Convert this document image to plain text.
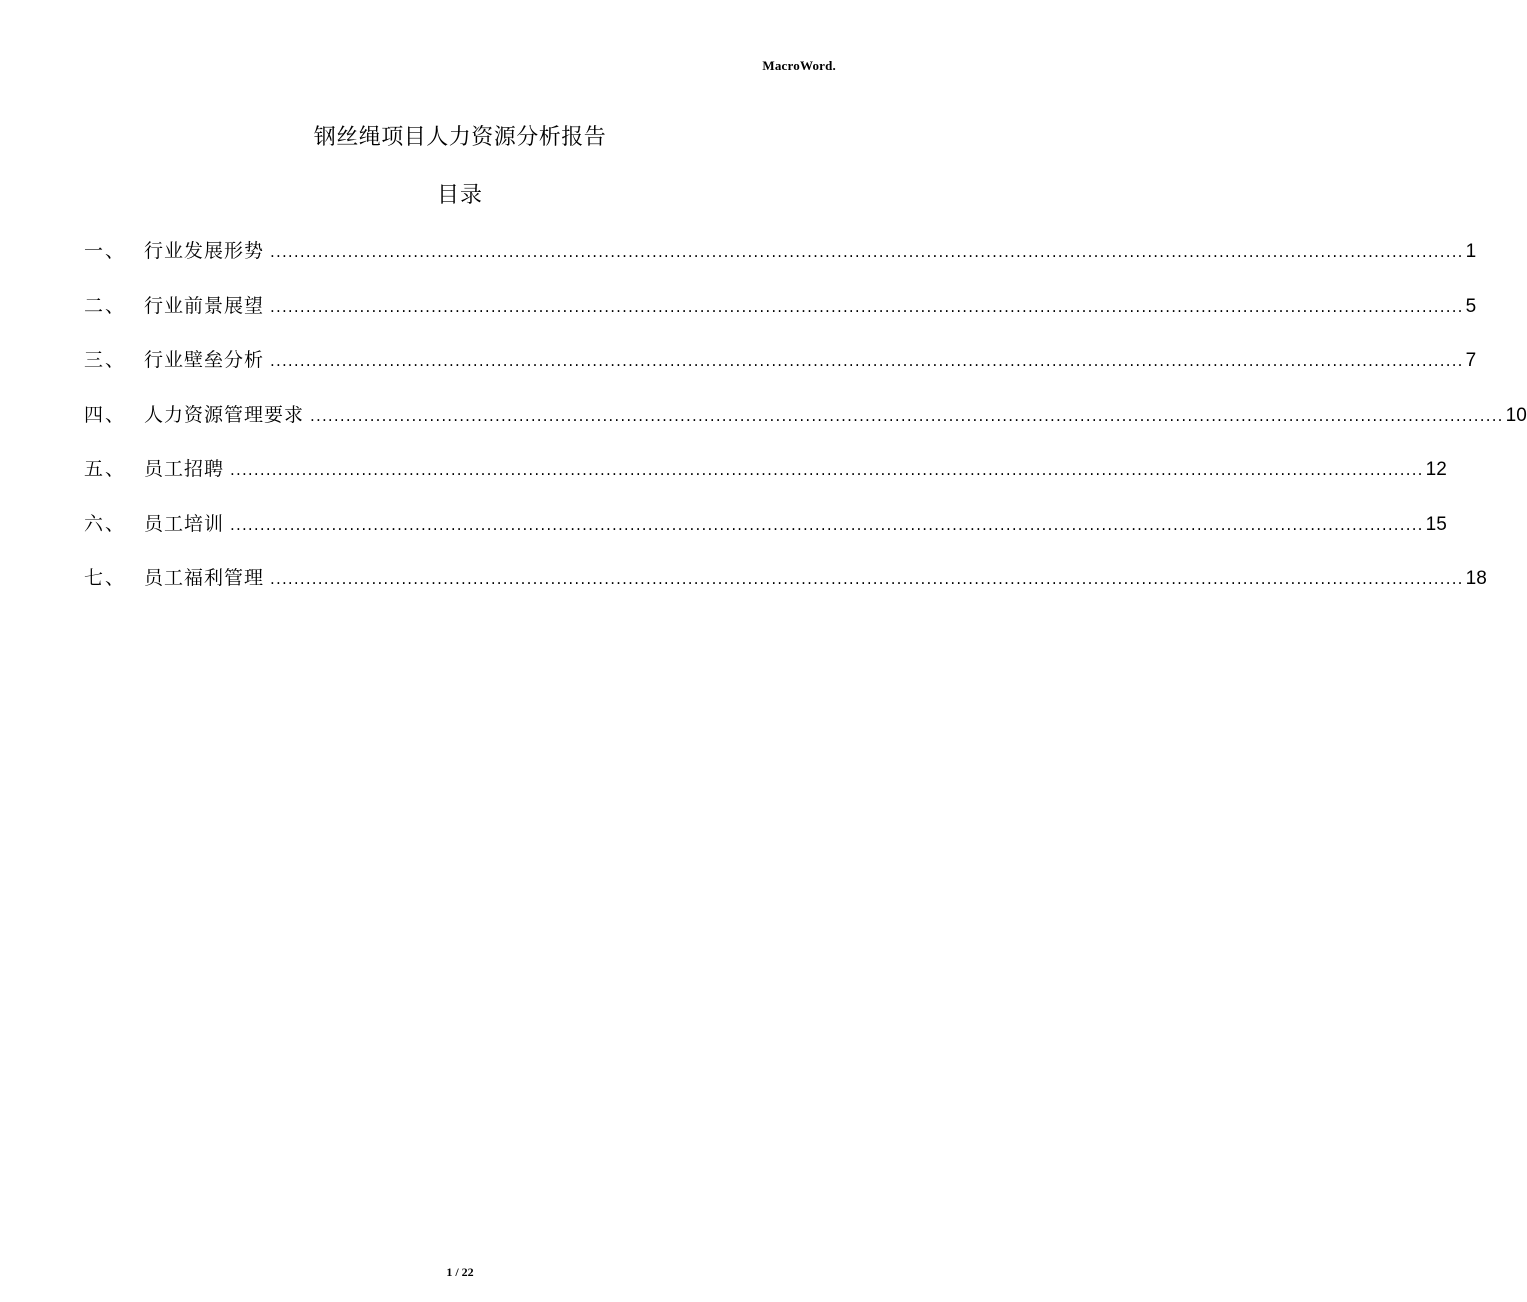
MacroWord.
钢丝绳项目人力资源分析报告
目录
一、 行业发展形势 ........................................................................................................................................................................................................ 1
二、 行业前景展望 ........................................................................................................................................................................................................ 5
三、 行业壁垒分析 ........................................................................................................................................................................................................ 7
四、 人力资源管理要求 ........................................................................................................................................................................................................ 10
五、 员工招聘 ........................................................................................................................................................................................................ 12
六、 员工培训 ........................................................................................................................................................................................................ 15
七、 员工福利管理 ........................................................................................................................................................................................................ 18
1 / 22
